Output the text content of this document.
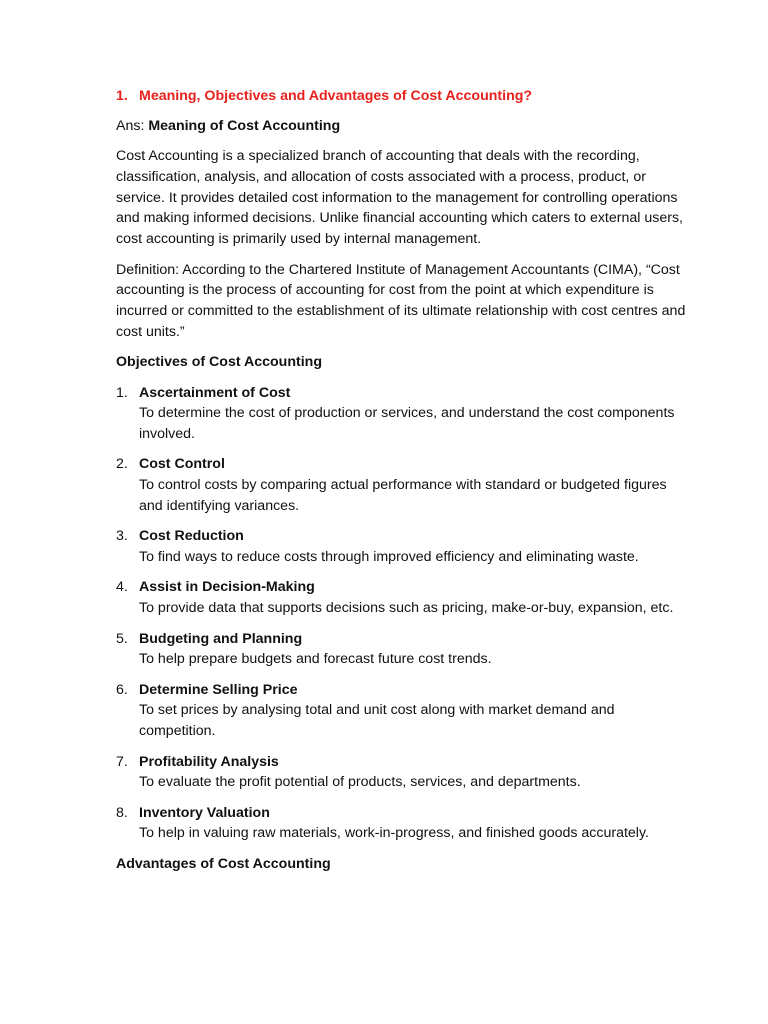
1. Meaning, Objectives and Advantages of Cost Accounting?

Ans: Meaning of Cost Accounting

Cost Accounting is a specialized branch of accounting that deals with the recording, classification, analysis, and allocation of costs associated with a process, product, or service. It provides detailed cost information to the management for controlling operations and making informed decisions. Unlike financial accounting which caters to external users, cost accounting is primarily used by internal management.

Definition: According to the Chartered Institute of Management Accountants (CIMA), “Cost accounting is the process of accounting for cost from the point at which expenditure is incurred or committed to the establishment of its ultimate relationship with cost centres and cost units.”

Objectives of Cost Accounting
1. Ascertainment of Cost
To determine the cost of production or services, and understand the cost components involved.
2. Cost Control
To control costs by comparing actual performance with standard or budgeted figures and identifying variances.
3. Cost Reduction
To find ways to reduce costs through improved efficiency and eliminating waste.
4. Assist in Decision-Making
To provide data that supports decisions such as pricing, make-or-buy, expansion, etc.
5. Budgeting and Planning
To help prepare budgets and forecast future cost trends.
6. Determine Selling Price
To set prices by analysing total and unit cost along with market demand and competition.
7. Profitability Analysis
To evaluate the profit potential of products, services, and departments.
8. Inventory Valuation
To help in valuing raw materials, work-in-progress, and finished goods accurately.
Advantages of Cost Accounting
